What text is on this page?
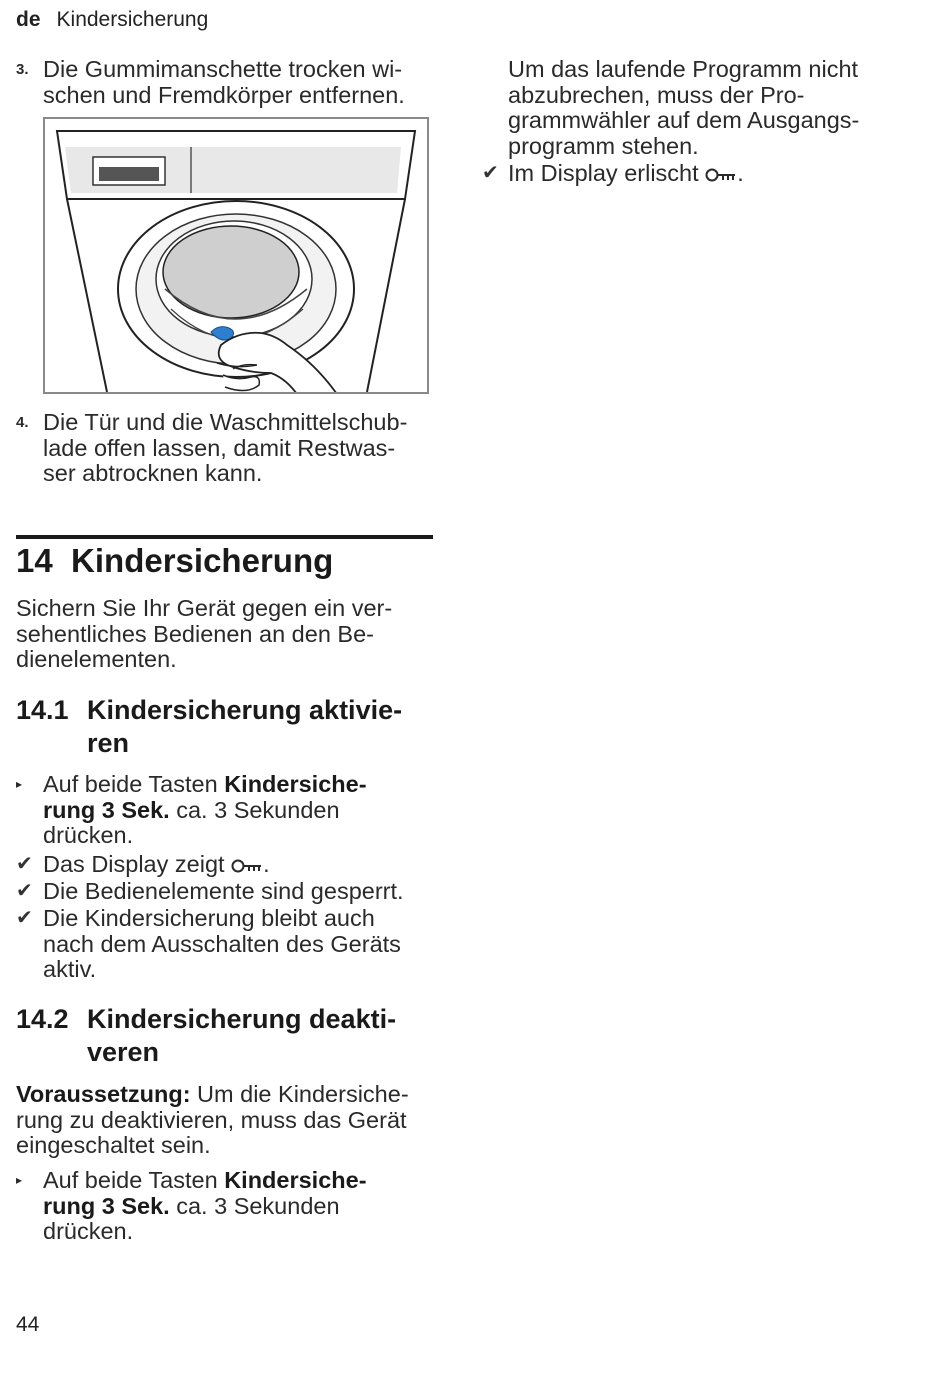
de Kindersicherung
3. Die Gummimanschette trocken wi-
schen und Fremdkörper entfernen.
4. Die Tür und die Waschmittelschub-
lade offen lassen, damit Restwas-
ser abtrocknen kann.
14  Kindersicherung
Sichern Sie Ihr Gerät gegen ein ver-
sehentliches Bedienen an den Be-
dienelementen.
14.1 Kindersicherung aktivie-
ren
▸ Auf beide Tasten Kindersiche-
rung 3 Sek. ca. 3 Sekunden
drücken.
✔ Das Display zeigt .
✔ Die Bedienelemente sind gesperrt.
✔ Die Kindersicherung bleibt auch
nach dem Ausschalten des Geräts
aktiv.
14.2 Kindersicherung deakti-
veren
Voraussetzung: Um die Kindersiche-
rung zu deaktivieren, muss das Gerät
eingeschaltet sein.
▸ Auf beide Tasten Kindersiche-
rung 3 Sek. ca. 3 Sekunden
drücken.
Um das laufende Programm nicht
abzubrechen, muss der Pro-
grammwähler auf dem Ausgangs-
programm stehen.
✔ Im Display erlischt .
44
